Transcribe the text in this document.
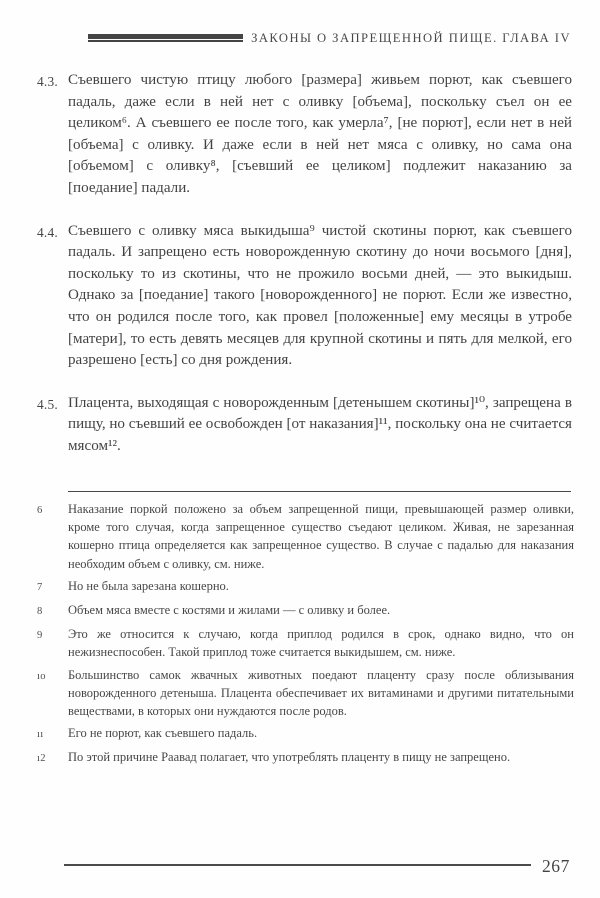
ЗАКОНЫ О ЗАПРЕЩЕННОЙ ПИЩЕ. ГЛАВА IV
4.3. Съевшего чистую птицу любого [размера] живьем порют, как съевшего падаль, даже если в ней нет с оливку [объема], поскольку съел он ее целиком⁶. А съевшего ее после того, как умерла⁷, [не порют], если нет в ней [объема] с оливку. И даже если в ней нет мяса с оливку, но сама она [объемом] с оливку⁸, [съевший ее целиком] подлежит наказанию за [поедание] падали.
4.4. Съевшего с оливку мяса выкидыша⁹ чистой скотины порют, как съевшего падаль. И запрещено есть новорожденную скотину до ночи восьмого [дня], поскольку то из скотины, что не прожило восьми дней, — это выкидыш. Однако за [поедание] такого [новорожденного] не порют. Если же известно, что он родился после того, как провел [положенные] ему месяцы в утробе [матери], то есть девять месяцев для крупной скотины и пять для мелкой, его разрешено [есть] со дня рождения.
4.5. Плацента, выходящая с новорожденным [детенышем скотины]¹⁰, запрещена в пищу, но съевший ее освобожден [от наказания]¹¹, поскольку она не считается мясом¹².
6	Наказание поркой положено за объем запрещенной пищи, превышающей размер оливки, кроме того случая, когда запрещенное существо съедают целиком. Живая, не зарезанная кошерно птица определяется как запрещенное существо. В случае с падалью для наказания необходим объем с оливку, см. ниже.
7	Но не была зарезана кошерно.
8	Объем мяса вместе с костями и жилами — с оливку и более.
9	Это же относится к случаю, когда приплод родился в срок, однако видно, что он нежизнеспособен. Такой приплод тоже считается выкидышем, см. ниже.
ıo	Большинство самок жвачных животных поедают плаценту сразу после облизывания новорожденного детеныша. Плацента обеспечивает их витаминами и другими питательными веществами, в которых они нуждаются после родов.
ıı	Его не порют, как съевшего падаль.
ı2	По этой причине Раавад полагает, что употреблять плаценту в пищу не запрещено.
267
